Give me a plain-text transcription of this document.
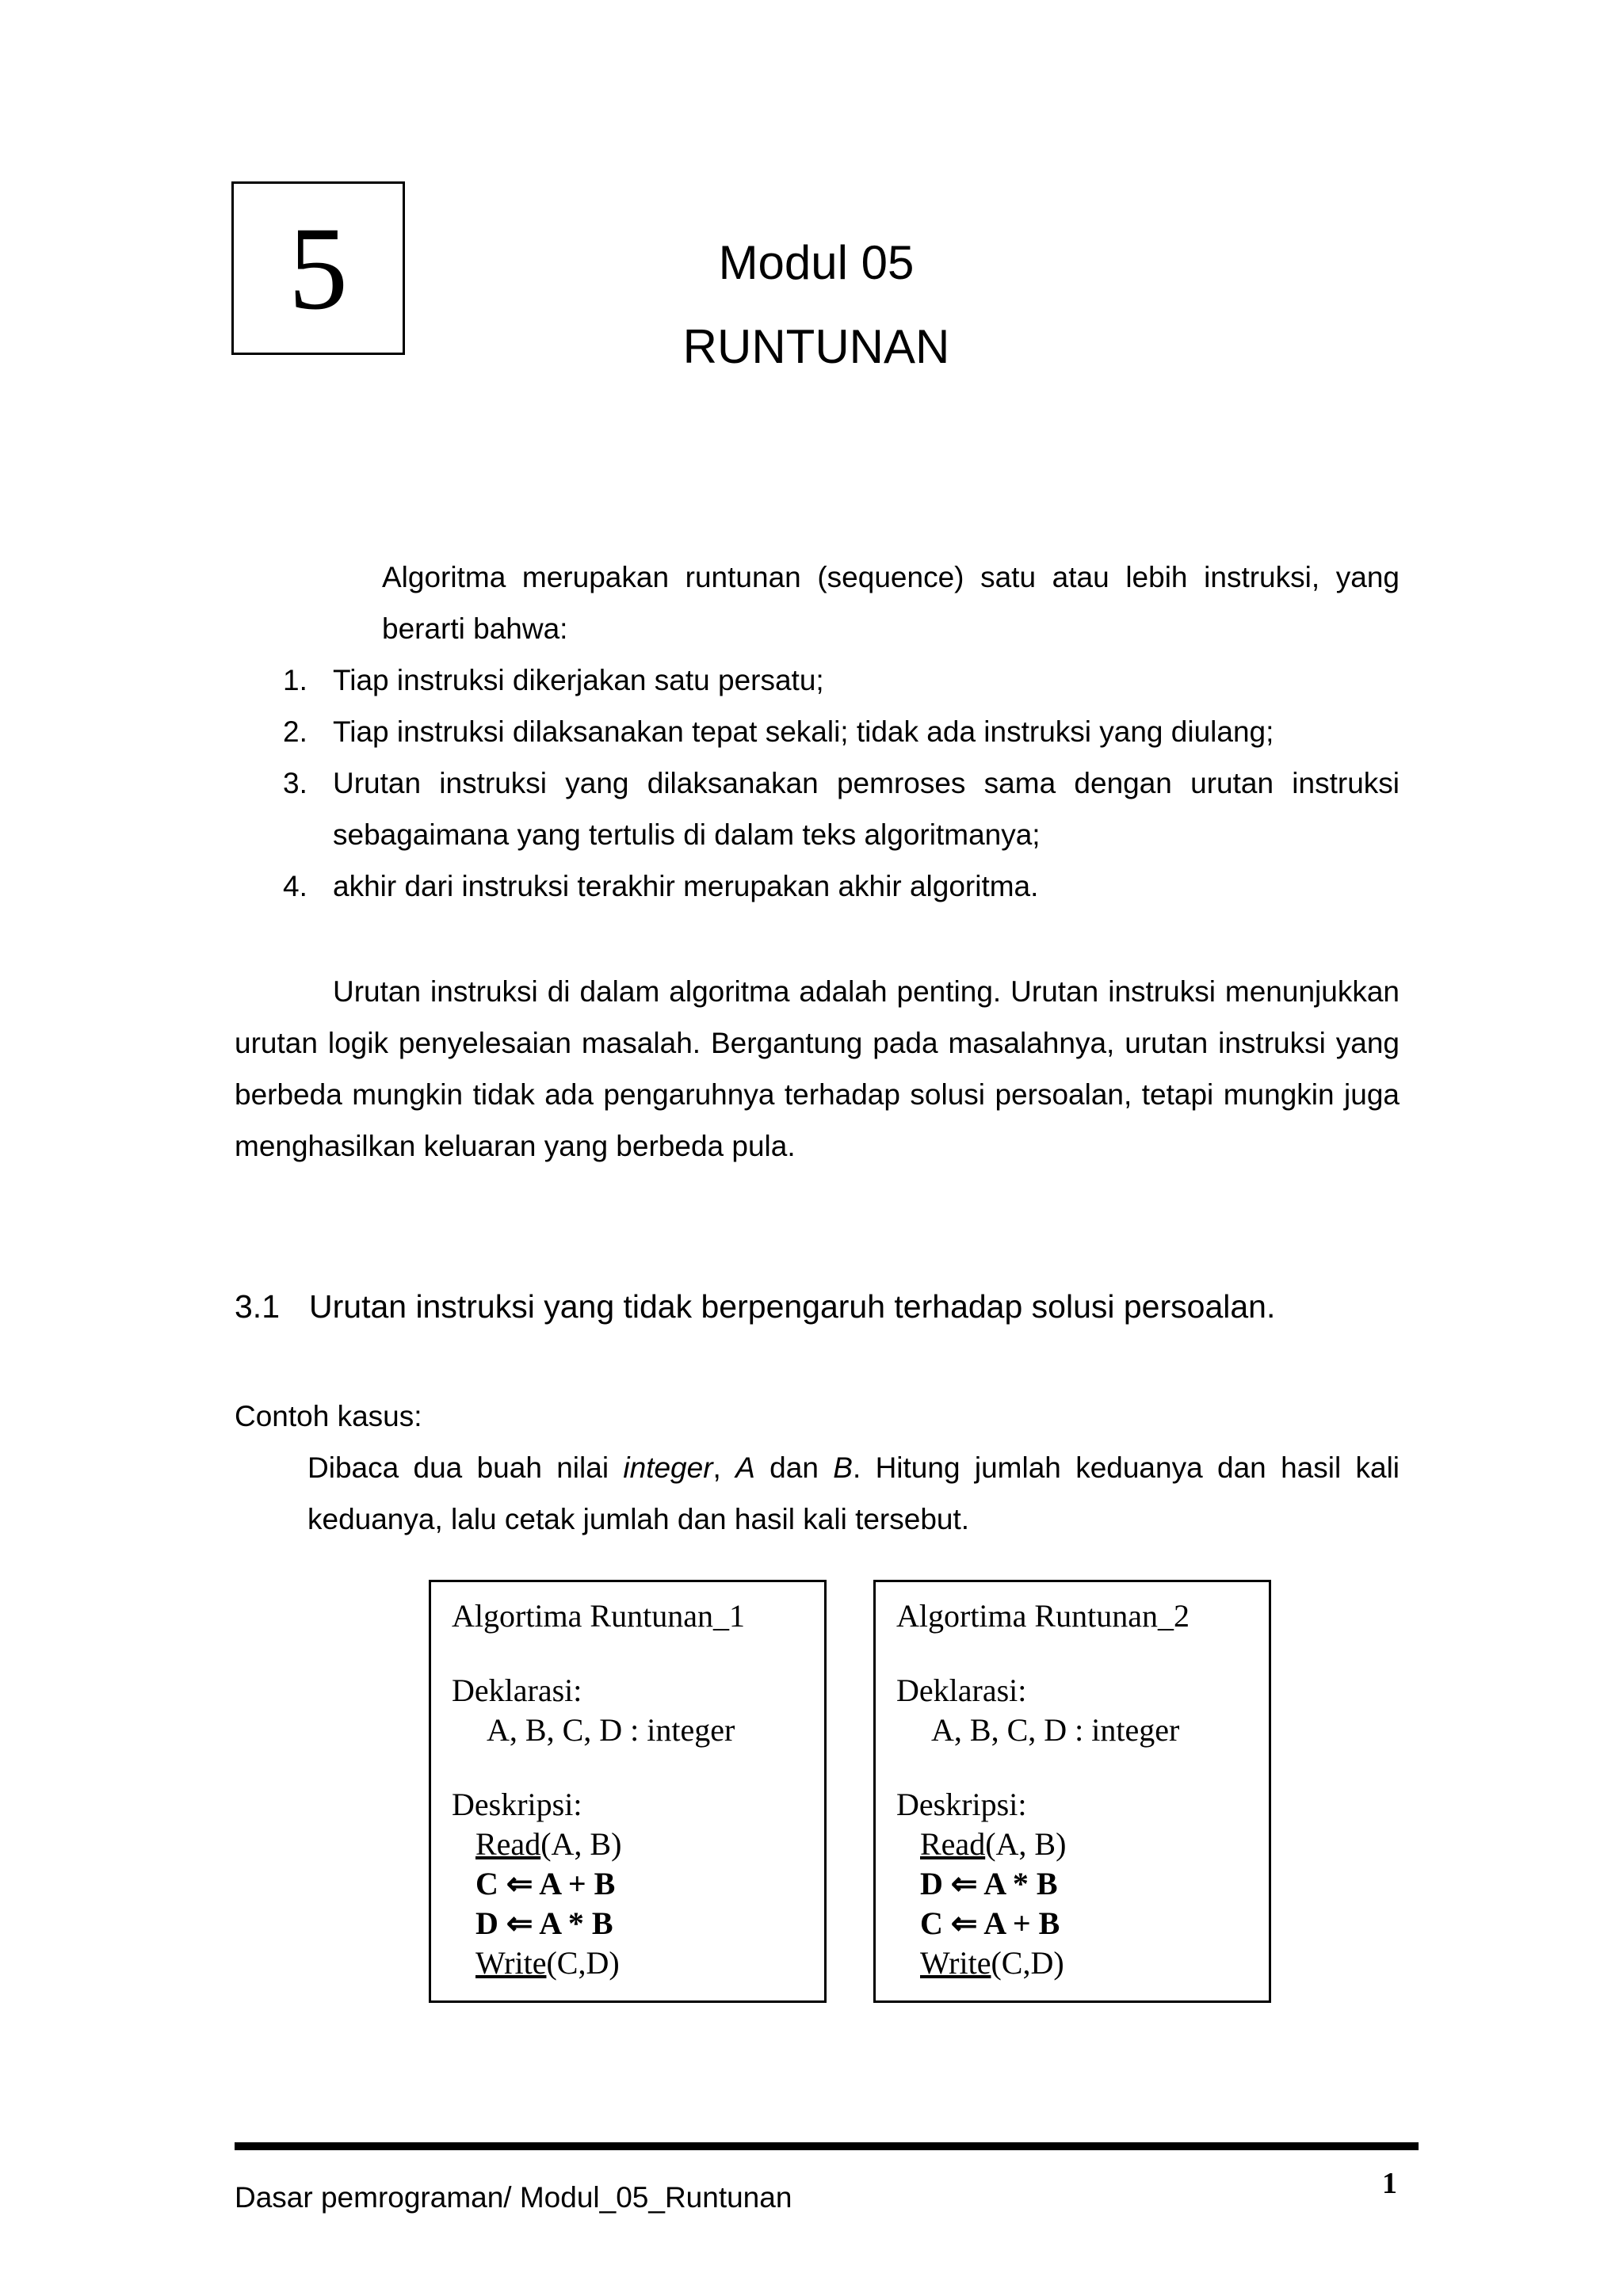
5	Modul 05
RUNTUNAN
Algoritma merupakan runtunan (sequence) satu atau lebih instruksi, yang berarti bahwa:
1. Tiap instruksi dikerjakan satu persatu;
2. Tiap instruksi dilaksanakan tepat sekali; tidak ada instruksi yang diulang;
3. Urutan instruksi yang dilaksanakan pemroses sama dengan urutan instruksi sebagaimana yang tertulis di dalam teks algoritmanya;
4. akhir dari instruksi terakhir merupakan akhir algoritma.
Urutan instruksi di dalam algoritma adalah penting. Urutan instruksi menunjukkan urutan logik penyelesaian masalah. Bergantung pada masalahnya, urutan instruksi yang berbeda mungkin tidak ada pengaruhnya terhadap solusi persoalan, tetapi mungkin juga menghasilkan keluaran yang berbeda pula.
3.1 Urutan instruksi yang tidak berpengaruh terhadap solusi persoalan.
Contoh kasus:
Dibaca dua buah nilai integer, A dan B. Hitung jumlah keduanya dan hasil kali keduanya, lalu cetak jumlah dan hasil kali tersebut.
Algortima Runtunan_1
Deklarasi:
A, B, C, D : integer
Deskripsi:
Read(A, B)
C ⇐ A + B
D ⇐ A * B
Write(C,D)
Algortima Runtunan_2
Deklarasi:
A, B, C, D : integer
Deskripsi:
Read(A, B)
D ⇐ A * B
C ⇐ A + B
Write(C,D)
Dasar pemrograman/ Modul_05_Runtunan	1
